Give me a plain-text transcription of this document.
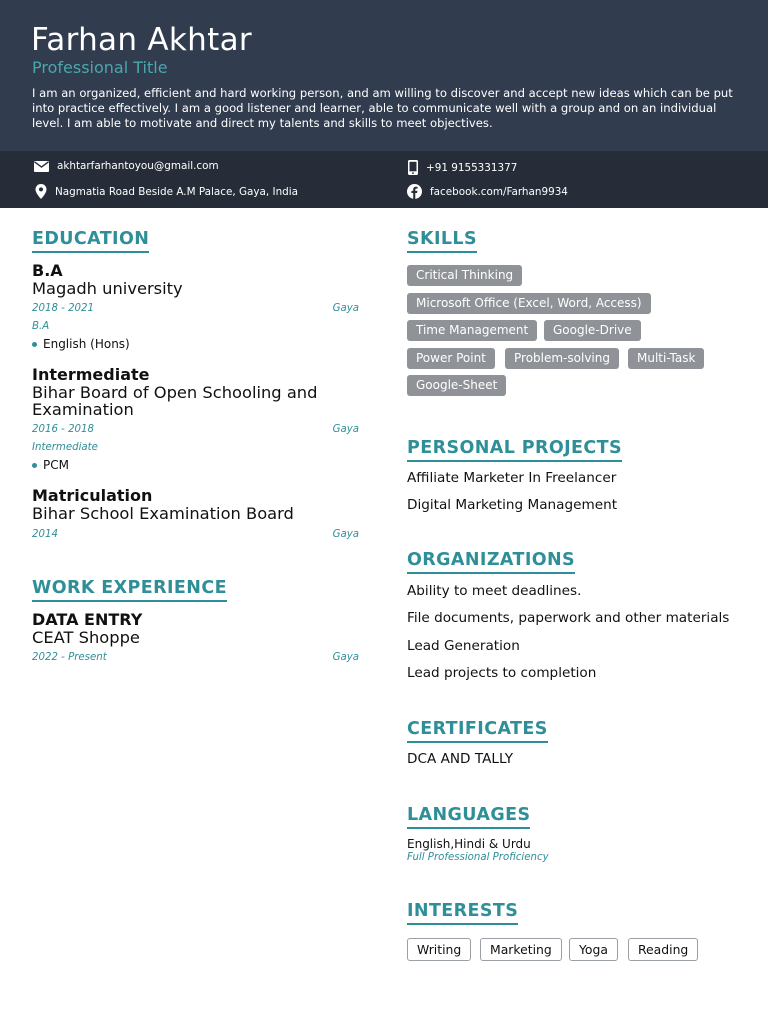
Farhan Akhtar
Professional Title
I am an organized, efficient and hard working person, and am willing to discover and accept new ideas which can be put into practice effectively. I am a good listener and learner, able to communicate well with a group and on an individual level. I am able to motivate and direct my talents and skills to meet objectives.
akhtarfarhantoyou@gmail.com
Nagmatia Road Beside A.M Palace, Gaya, India
+91 9155331377
facebook.com/Farhan9934
EDUCATION
B.A
Magadh university
2018 - 2021	Gaya
B.A
English (Hons)
Intermediate
Bihar Board of Open Schooling and
Examination
2016 - 2018	Gaya
Intermediate
PCM
Matriculation
Bihar School Examination Board
2014	Gaya
WORK EXPERIENCE
DATA ENTRY
CEAT Shoppe
2022 - Present	Gaya
SKILLS
Critical Thinking
Microsoft Office (Excel, Word, Access)
Time Management	Google-Drive
Power Point	Problem-solving	Multi-Task
Google-Sheet
PERSONAL PROJECTS
Affiliate Marketer In Freelancer
Digital Marketing Management
ORGANIZATIONS
Ability to meet deadlines.
File documents, paperwork and other materials
Lead Generation
Lead projects to completion
CERTIFICATES
DCA AND TALLY
LANGUAGES
English,Hindi & Urdu
Full Professional Proficiency
INTERESTS
Writing	Marketing	Yoga	Reading
